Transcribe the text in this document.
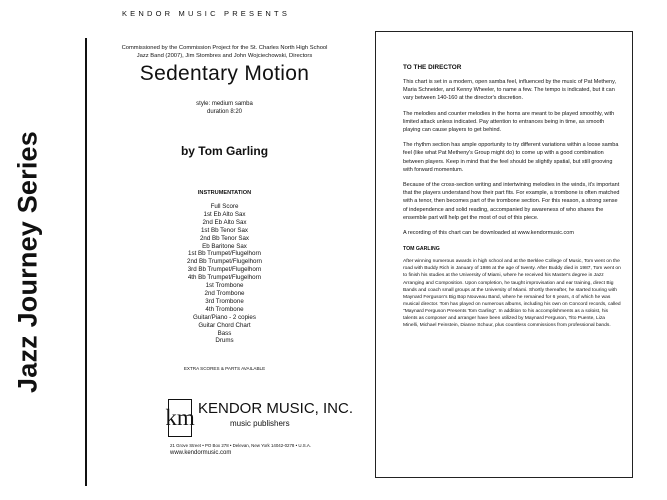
Jazz Journey Series
KENDOR MUSIC PRESENTS
Commissioned by the Commission Project for the St. Charles North High School
Jazz Band (2007), Jim Stombres and John Wojciechowski, Directors
Sedentary Motion
style: medium samba
duration 8:20
by Tom Garling
INSTRUMENTATION
Full Score
1st Eb Alto Sax
2nd Eb Alto Sax
1st Bb Tenor Sax
2nd Bb Tenor Sax
Eb Baritone Sax
1st Bb Trumpet/Flugelhorn
2nd Bb Trumpet/Flugelhorn
3rd Bb Trumpet/Flugelhorn
4th Bb Trumpet/Flugelhorn
1st Trombone
2nd Trombone
3rd Trombone
4th Trombone
Guitar/Piano - 2 copies
Guitar Chord Chart
Bass
Drums
EXTRA SCORES & PARTS AVAILABLE
km KENDOR MUSIC, INC.
music publishers
21 Grove Street • PO Box 278 • Delevan, New York 14042-0278 • U.S.A.
www.kendormusic.com
TO THE DIRECTOR

This chart is set in a modern, open samba feel, influenced by the music of Pat Metheny, Maria Schneider, and Kenny Wheeler, to name a few. The tempo is indicated, but it can vary between 140-160 at the director's discretion.

The melodies and counter melodies in the horns are meant to be played smoothly, with limited attack unless indicated. Pay attention to entrances being in time, as smooth playing can cause players to get behind.

The rhythm section has ample opportunity to try different variations within a loose samba feel (like what Pat Metheny's Group might do) to come up with a good combination between players. Keep in mind that the feel should be slightly spatial, but still grooving with forward momentum.

Because of the cross-section writing and intertwining melodies in the winds, it's important that the players understand how their part fits. For example, a trombone is often matched with a tenor, then becomes part of the trombone section. For this reason, a strong sense of independence and solid reading, accompanied by awareness of who shares the ensemble part will help get the most of out of this piece.

A recording of this chart can be downloaded at www.kendormusic.com

TOM GARLING

After winning numerous awards in high school and at the Berklee College of Music, Tom went on the road with Buddy Rich in January of 1986 at the age of twenty. After Buddy died in 1987, Tom went on to finish his studies at the University of Miami, where he received his Master's degree in Jazz Arranging and Composition. Upon completion, he taught improvisation and ear training, direct Big Bands and coach small groups at the University of Miami. Shortly thereafter, he started touring with Maynard Ferguson's Big Bop Nouveau Band, where he remained for 6 years, 4 of which he was musical director. Tom has played on numerous albums, including his own on Concord records, called "Maynard Ferguson Presents Tom Garling". In addition to his accomplishments as a soloist, his talents as composer and arranger have been utilized by Maynard Ferguson, Tito Puente, Liza Minelli, Michael Feinstein, Dianne Schuur, plus countless commissions from professional bands.
